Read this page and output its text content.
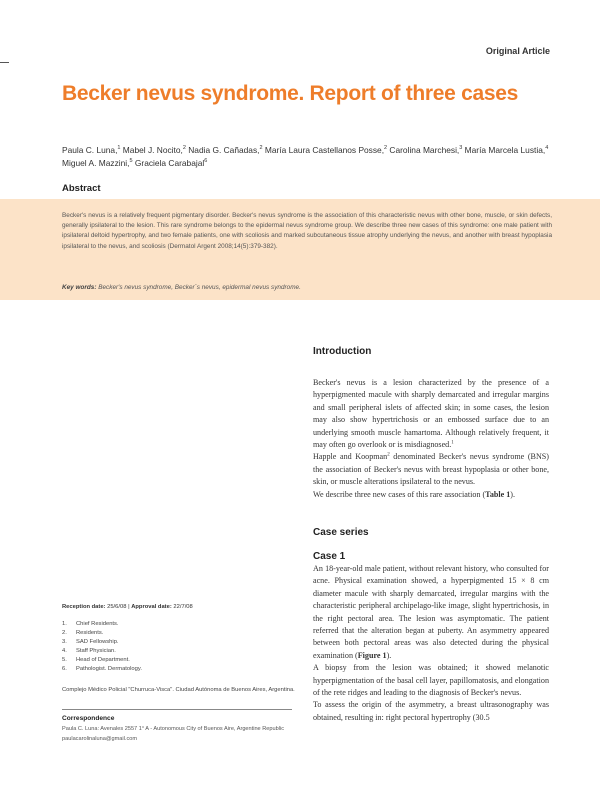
Original Article
Becker nevus syndrome. Report of three cases
Paula C. Luna,$^1$ Mabel J. Nocito,$^2$ Nadia G. Cañadas,$^2$ María Laura Castellanos Posse,$^2$ Carolina Marchesi,$^3$ María Marcela Lustia,$^4$
Miguel A. Mazzini,$^5$ Graciela Carabajal$^6$
Abstract
Becker's nevus is a relatively frequent pigmentary disorder. Becker's nevus syndrome is the association of this characteristic nevus with other bone, muscle, or skin defects, generally ipsilateral to the lesion. This rare syndrome belongs to the epidermal nevus syndrome group. We describe three new cases of this syndrome: one male patient with ipsilateral deltoid hypertrophy, and two female patients, one with scoliosis and marked subcutaneous tissue atrophy underlying the nevus, and another with breast hypoplasia ipsilateral to the nevus, and scoliosis (Dermatol Argent 2008;14(5):379-382).
Key words: Becker's nevus syndrome, Becker´s nevus, epidermal nevus syndrome.
Introduction

Becker's nevus is a lesion characterized by the presence of a hyperpigmented macule with sharply demarcated and irregular margins and small peripheral islets of affected skin; in some cases, the lesion may also show hypertrichosis or an embossed surface due to an underlying smooth muscle hamartoma. Although relatively frequent, it may often go overlook or is misdiagnosed.$^1$

Happle and Koopman$^2$ denominated Becker's nevus syndrome (BNS) the association of Becker's nevus with breast hypoplasia or other bone, skin, or muscle alterations ipsilateral to the nevus.

We describe three new cases of this rare association (Table 1).

Case series
Case 1

An 18-year-old male patient, without relevant history, who consulted for acne. Physical examination showed, a hyperpigmented 15 × 8 cm diameter macule with sharply demarcated, irregular margins with the characteristic peripheral archipelago-like image, slight hypertrichosis, in the right pectoral area. The lesion was asymptomatic. The patient referred that the alteration began at puberty. An asymmetry appeared between both pectoral areas was also detected during the physical examination (Figure 1).

A biopsy from the lesion was obtained; it showed melanotic hyperpigmentation of the basal cell layer, papillomatosis, and elongation of the rete ridges and leading to the diagnosis of Becker's nevus.

To assess the origin of the asymmetry, a breast ultrasonography was obtained, resulting in: right pectoral hypertrophy (30.5

Reception date: 25/6/08 | Approval date: 22/7/08
1. Chief Residents.
2. Residents.
3. SAD Fellowship.
4. Staff Physician.
5. Head of Department.
6. Pathologist. Dermatology.
Complejo Médico Policial "Churruca-Visca". Ciudad Autónoma de Buenos Aires, Argentina.
Correspondence
Paula C. Luna: Avenales 2557 1° A - Autonomous City of Buenos Aire, Argentine Republic
paulacarolinaluna@gmail.com
